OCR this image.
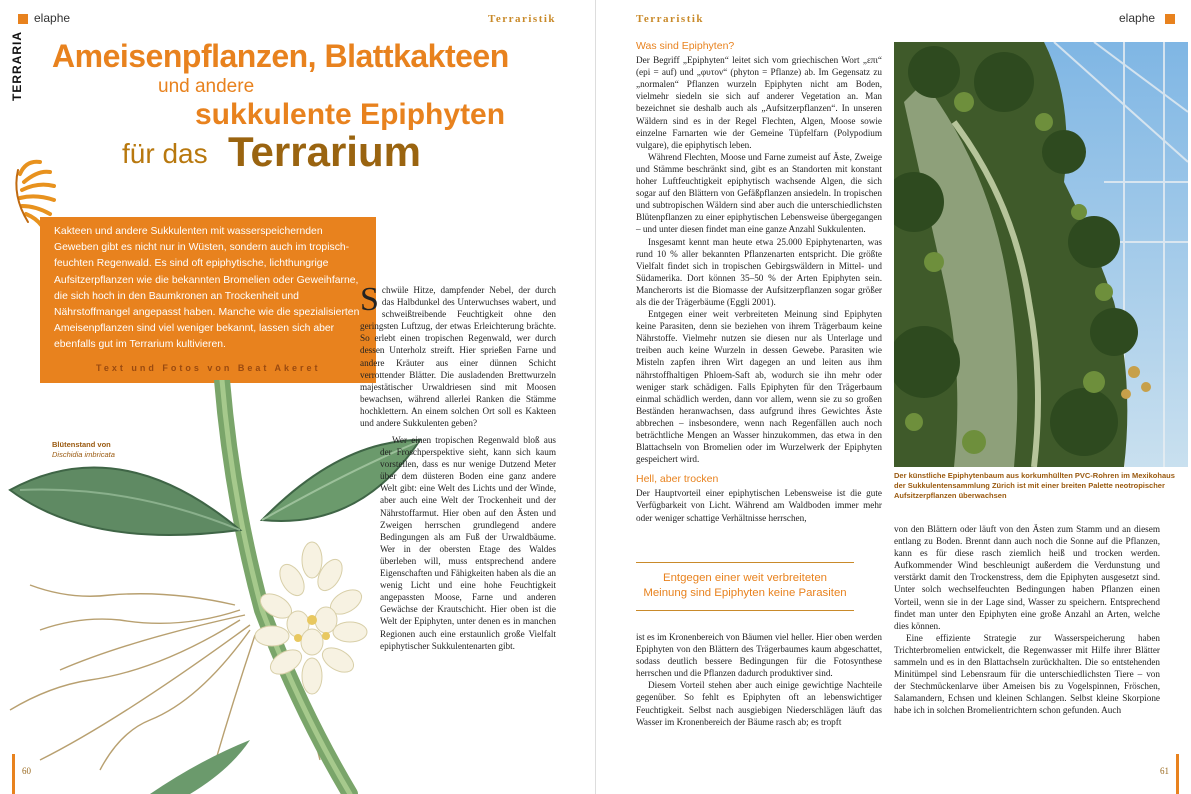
elaphe	Terraristik
TERRARIA Ameisenpflanzen, Blattkakteen
und andere
sukkulente Epiphyten
für das Terrarium
Kakteen und andere Sukkulenten mit wasserspeichernden Geweben gibt es nicht nur in Wüsten, sondern auch im tropisch-feuchten Regenwald. Es sind oft epiphytische, lichthungrige Aufsitzerpflanzen wie die bekannten Bromelien oder Geweihfarne, die sich hoch in den Baumkronen an Trockenheit und Nährstoffmangel angepasst haben. Manche wie die spezialisierten Ameisenpflanzen sind viel weniger bekannt, lassen sich aber ebenfalls gut im Terrarium kultivieren.
Text und Fotos von Beat Akeret
Blütenstand von
Dischidia imbricata

Schwüle Hitze, dampfender Nebel, der durch das Halbdunkel des Unterwuchses wabert, und schweißtreibende Feuchtigkeit ohne den geringsten Luftzug, der etwas Erleichterung brächte. So erlebt einen tropischen Regenwald, wer durch dessen Unterholz streift. Hier sprießen Farne und andere Kräuter aus einer dünnen Schicht verrottender Blätter. Die ausladenden Brettwurzeln majestätischer Urwaldriesen sind mit Moosen bewachsen, während allerlei Ranken die Stämme hochklettern. An einem solchen Ort soll es Kakteen und andere Sukkulenten geben?

Wer einen tropischen Regenwald bloß aus der Froschperspektive sieht, kann sich kaum vorstellen, dass es nur wenige Dutzend Meter über dem düsteren Boden eine ganz andere Welt gibt: eine Welt des Lichts und der Winde, aber auch eine Welt der Trockenheit und der Nährstoffarmut. Hier oben auf den Ästen und Zweigen herrschen grundlegend andere Bedingungen als am Fuß der Urwaldbäume. Wer in der obersten Etage des Waldes überleben will, muss entsprechend andere Eigenschaften und Fähigkeiten haben als die an wenig Licht und eine hohe Feuchtigkeit angepassten Moose, Farne und anderen Gewächse der Krautschicht. Hier oben ist die Welt der Epiphyten, unter denen es in manchen Regionen auch eine erstaunlich große Vielfalt epiphytischer Sukkulentenarten gibt.

60
Terraristik	elaphe
Was sind Epiphyten?

Der Begriff „Epiphyten“ leitet sich vom griechischen Wort „επι“ (epi = auf) und „φυτον“ (phyton = Pflanze) ab. Im Gegensatz zu „normalen“ Pflanzen wurzeln Epiphyten nicht am Boden, vielmehr siedeln sie sich auf anderer Vegetation an. Man bezeichnet sie deshalb auch als „Aufsitzerpflanzen“. In unseren Wäldern sind es in der Regel Flechten, Algen, Moose sowie einzelne Farnarten wie der Gemeine Tüpfelfarn (Polypodium vulgare), die epiphytisch leben.

Während Flechten, Moose und Farne zumeist auf Äste, Zweige und Stämme beschränkt sind, gibt es an Standorten mit konstant hoher Luftfeuchtigkeit epiphytisch wachsende Algen, die sich sogar auf den Blättern von Gefäßpflanzen ansiedeln. In tropischen und subtropischen Wäldern sind aber auch die unterschiedlichsten Blütenpflanzen zu einer epiphytischen Lebensweise übergegangen – und unter diesen findet man eine ganze Anzahl Sukkulenten.

Insgesamt kennt man heute etwa 25.000 Epiphytenarten, was rund 10 % aller bekannten Pflanzenarten entspricht. Die größte Vielfalt findet sich in tropischen Gebirgswäldern in Mittel- und Südamerika. Dort können 35–50 % der Arten Epiphyten sein. Mancherorts ist die Biomasse der Aufsitzerpflanzen sogar größer als die der Trägerbäume (Eggli 2001).

Entgegen einer weit verbreiteten Meinung sind Epiphyten keine Parasiten, denn sie beziehen von ihrem Trägerbaum keine Nährstoffe. Vielmehr nutzen sie diesen nur als Unterlage und treiben auch keine Wurzeln in dessen Gewebe. Parasiten wie Misteln zapfen ihren Wirt dagegen an und leiten aus ihm nährstoffhaltigen Phloem-Saft ab, wodurch sie ihn mehr oder weniger stark schädigen. Falls Epiphyten für den Trägerbaum einmal schädlich werden, dann vor allem, wenn sie zu so großen Beständen heranwachsen, dass aufgrund ihres Gewichtes Äste abbrechen – insbesondere, wenn nach Regenfällen auch noch beträchtliche Mengen an Wasser hinzukommen, das etwa in den Blattachseln von Bromelien oder im Wurzelwerk der Epiphyten gespeichert wird.

Hell, aber trocken

Der Hauptvorteil einer epiphytischen Lebensweise ist die gute Verfügbarkeit von Licht. Während am Waldboden immer mehr oder weniger schattige Verhältnisse herrschen,

Entgegen einer weit verbreiteten Meinung sind Epiphyten keine Parasiten

ist es im Kronenbereich von Bäumen viel heller. Hier oben werden Epiphyten von den Blättern des Trägerbaumes kaum abgeschattet, sodass deutlich bessere Bedingungen für die Fotosynthese herrschen und die Pflanzen dadurch produktiver sind.

Diesem Vorteil stehen aber auch einige gewichtige Nachteile gegenüber. So fehlt es Epiphyten oft an lebenswichtiger Feuchtigkeit. Selbst nach ausgiebigen Niederschlägen läuft das Wasser im Kronenbereich der Bäume rasch ab; es tropft

Der künstliche Epiphytenbaum aus korkumhüllten PVC-Rohren im Mexikohaus der Sukkulentensammlung Zürich ist mit einer breiten Palette neotropischer Aufsitzerpflanzen überwachsen

von den Blättern oder läuft von den Ästen zum Stamm und an diesem entlang zu Boden. Brennt dann auch noch die Sonne auf die Pflanzen, kann es für diese rasch ziemlich heiß und trocken werden. Aufkommender Wind beschleunigt außerdem die Verdunstung und verstärkt damit den Trockenstress, dem die Epiphyten ausgesetzt sind. Unter solch wechselfeuchten Bedingungen haben Pflanzen einen Vorteil, wenn sie in der Lage sind, Wasser zu speichern. Entsprechend findet man unter den Epiphyten eine große Anzahl an Arten, welche dies können.

Eine effiziente Strategie zur Wasserspeicherung haben Trichterbromelien entwickelt, die Regenwasser mit Hilfe ihrer Blätter sammeln und es in den Blattachseln zurückhalten. Die so entstehenden Minitümpel sind Lebensraum für die unterschiedlichsten Tiere – von der Stechmückenlarve über Ameisen bis zu Vogelspinnen, Fröschen, Salamandern, Echsen und kleinen Schlangen. Selbst kleine Skorpione habe ich in solchen Bromelientrichtern schon gefunden. Auch

61
